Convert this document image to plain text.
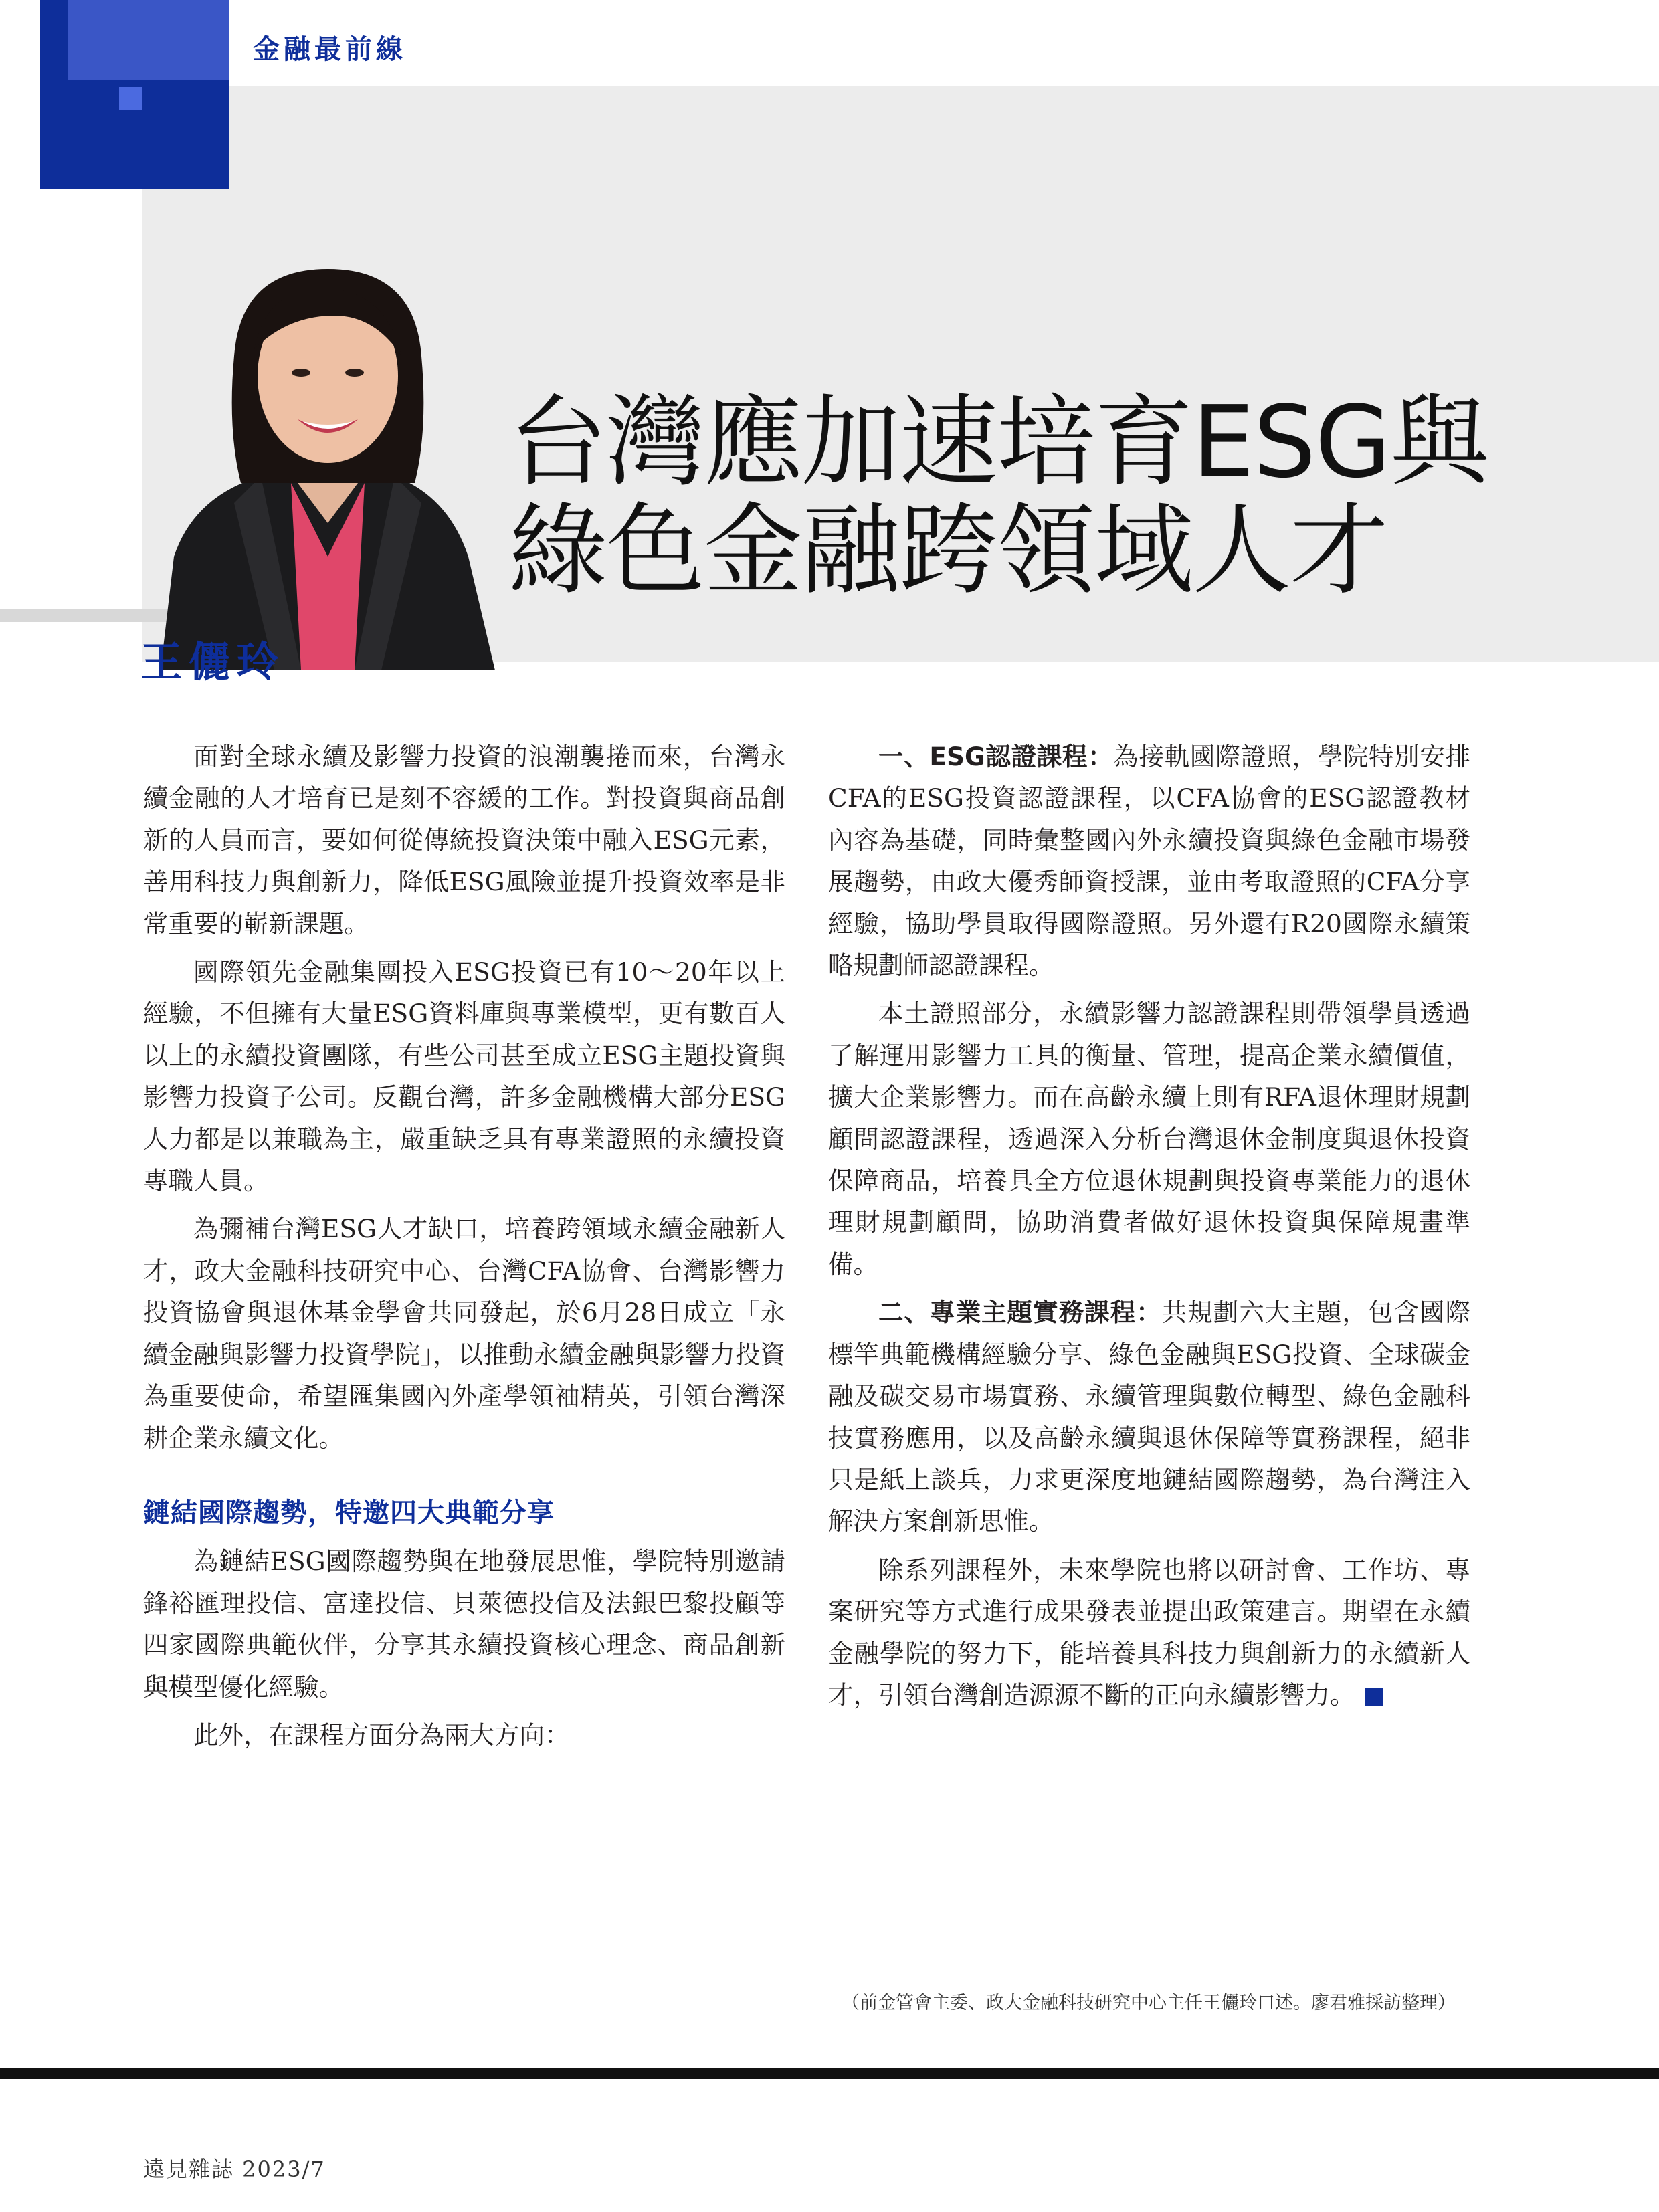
金融最前線
台灣應加速培育ESG與
綠色金融跨領域人才
王儷玲

面對全球永續及影響力投資的浪潮襲捲而來，台灣永續金融的人才培育已是刻不容緩的工作。對投資與商品創新的人員而言，要如何從傳統投資決策中融入ESG元素，善用科技力與創新力，降低ESG風險並提升投資效率是非常重要的嶄新課題。

國際領先金融集團投入ESG投資已有10〜20年以上經驗，不但擁有大量ESG資料庫與專業模型，更有數百人以上的永續投資團隊，有些公司甚至成立ESG主題投資與影響力投資子公司。反觀台灣，許多金融機構大部分ESG人力都是以兼職為主，嚴重缺乏具有專業證照的永續投資專職人員。

為彌補台灣ESG人才缺口，培養跨領域永續金融新人才，政大金融科技研究中心、台灣CFA協會、台灣影響力投資協會與退休基金學會共同發起，於6月28日成立「永續金融與影響力投資學院」，以推動永續金融與影響力投資為重要使命，希望匯集國內外產學領袖精英，引領台灣深耕企業永續文化。

鏈結國際趨勢，特邀四大典範分享

為鏈結ESG國際趨勢與在地發展思惟，學院特別邀請鋒裕匯理投信、富達投信、貝萊德投信及法銀巴黎投顧等四家國際典範伙伴，分享其永續投資核心理念、商品創新與模型優化經驗。

此外，在課程方面分為兩大方向：

一、ESG認證課程：為接軌國際證照，學院特別安排CFA的ESG投資認證課程，以CFA協會的ESG認證教材內容為基礎，同時彙整國內外永續投資與綠色金融市場發展趨勢，由政大優秀師資授課，並由考取證照的CFA分享經驗，協助學員取得國際證照。另外還有R20國際永續策略規劃師認證課程。

本土證照部分，永續影響力認證課程則帶領學員透過了解運用影響力工具的衡量、管理，提高企業永續價值，擴大企業影響力。而在高齡永續上則有RFA退休理財規劃顧問認證課程，透過深入分析台灣退休金制度與退休投資保障商品，培養具全方位退休規劃與投資專業能力的退休理財規劃顧問，協助消費者做好退休投資與保障規畫準備。

二、專業主題實務課程：共規劃六大主題，包含國際標竿典範機構經驗分享、綠色金融與ESG投資、全球碳金融及碳交易市場實務、永續管理與數位轉型、綠色金融科技實務應用，以及高齡永續與退休保障等實務課程，絕非只是紙上談兵，力求更深度地鏈結國際趨勢，為台灣注入解決方案創新思惟。

除系列課程外，未來學院也將以研討會、工作坊、專案研究等方式進行成果發表並提出政策建言。期望在永續金融學院的努力下，能培養具科技力與創新力的永續新人才，引領台灣創造源源不斷的正向永續影響力。	G

（前金管會主委、政大金融科技研究中心主任王儷玲口述。廖君雅採訪整理）
遠見雜誌 2023/7
